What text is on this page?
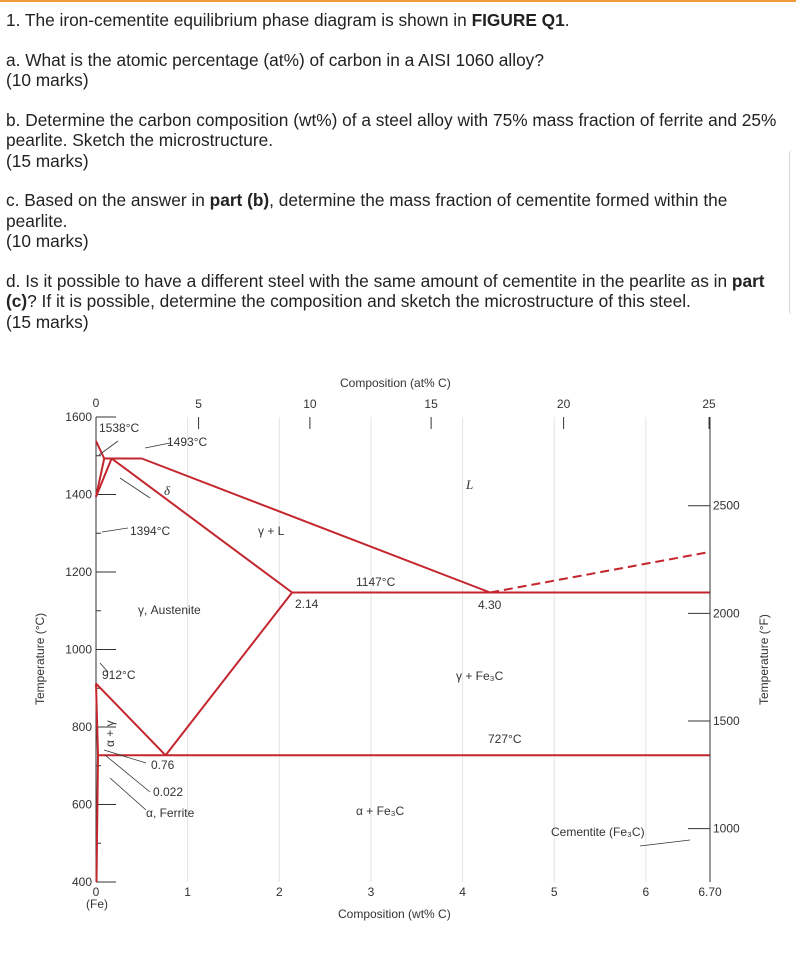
1. The iron-cementite equilibrium phase diagram is shown in FIGURE Q1.

a. What is the atomic percentage (at%) of carbon in a AISI 1060 alloy?

(10 marks)

b. Determine the carbon composition (wt%) of a steel alloy with 75% mass fraction of ferrite and 25% pearlite. Sketch the microstructure.

(15 marks)

c. Based on the answer in part (b), determine the mass fraction of cementite formed within the pearlite.

(10 marks)

d. Is it possible to have a different steel with the same amount of cementite in the pearlite as in part (c)? If it is possible, determine the composition and sketch the microstructure of this steel.

(15 marks)

400
600
800
1000
1200
1400
1600
1000
1500
2000
2500
0	1	2	3	4	5	6	6.70
0	5	10	15	20	25
Composition (at% C)
Composition (wt% C)
(Fe)
Temperature (°C)	Temperature (°F)
1538°C
1493°C
1394°C
1147°C
912°C
727°C
2.14	4.30
0.76
0.022
L
δ
γ + L
γ, Austenite
γ + Fe₃C
α + Fe₃C
α, Ferrite
Cementite (Fe₃C)
α + γ
